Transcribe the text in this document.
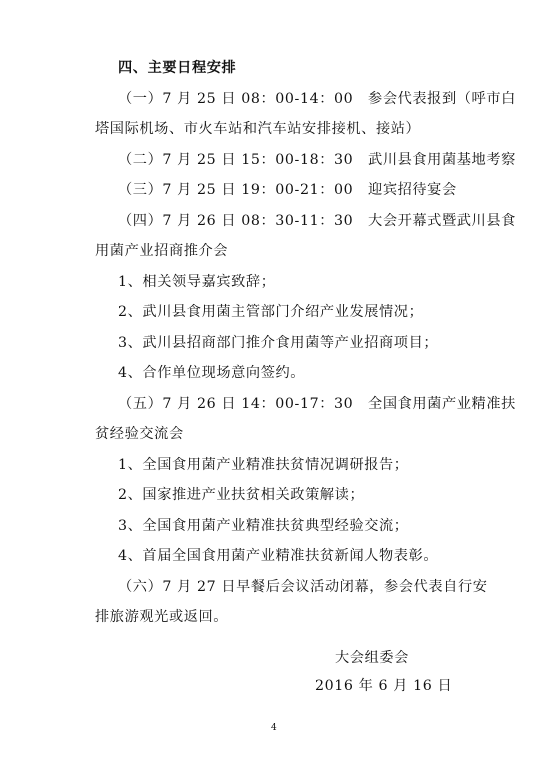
四、主要日程安排
（一）7 月 25 日 08：00-14：00　参会代表报到（呼市白
塔国际机场、市火车站和汽车站安排接机、接站）
（二）7 月 25 日 15：00-18：30　武川县食用菌基地考察
（三）7 月 25 日 19：00-21：00　迎宾招待宴会
（四）7 月 26 日 08：30-11：30　大会开幕式暨武川县食
用菌产业招商推介会
1、相关领导嘉宾致辞；
2、武川县食用菌主管部门介绍产业发展情况；
3、武川县招商部门推介食用菌等产业招商项目；
4、合作单位现场意向签约。
（五）7 月 26 日 14：00-17：30　全国食用菌产业精准扶
贫经验交流会
1、全国食用菌产业精准扶贫情况调研报告；
2、国家推进产业扶贫相关政策解读；
3、全国食用菌产业精准扶贫典型经验交流；
4、首届全国食用菌产业精准扶贫新闻人物表彰。
（六）7 月 27 日早餐后会议活动闭幕，参会代表自行安
排旅游观光或返回。
大会组委会
2016 年 6 月 16 日
4
